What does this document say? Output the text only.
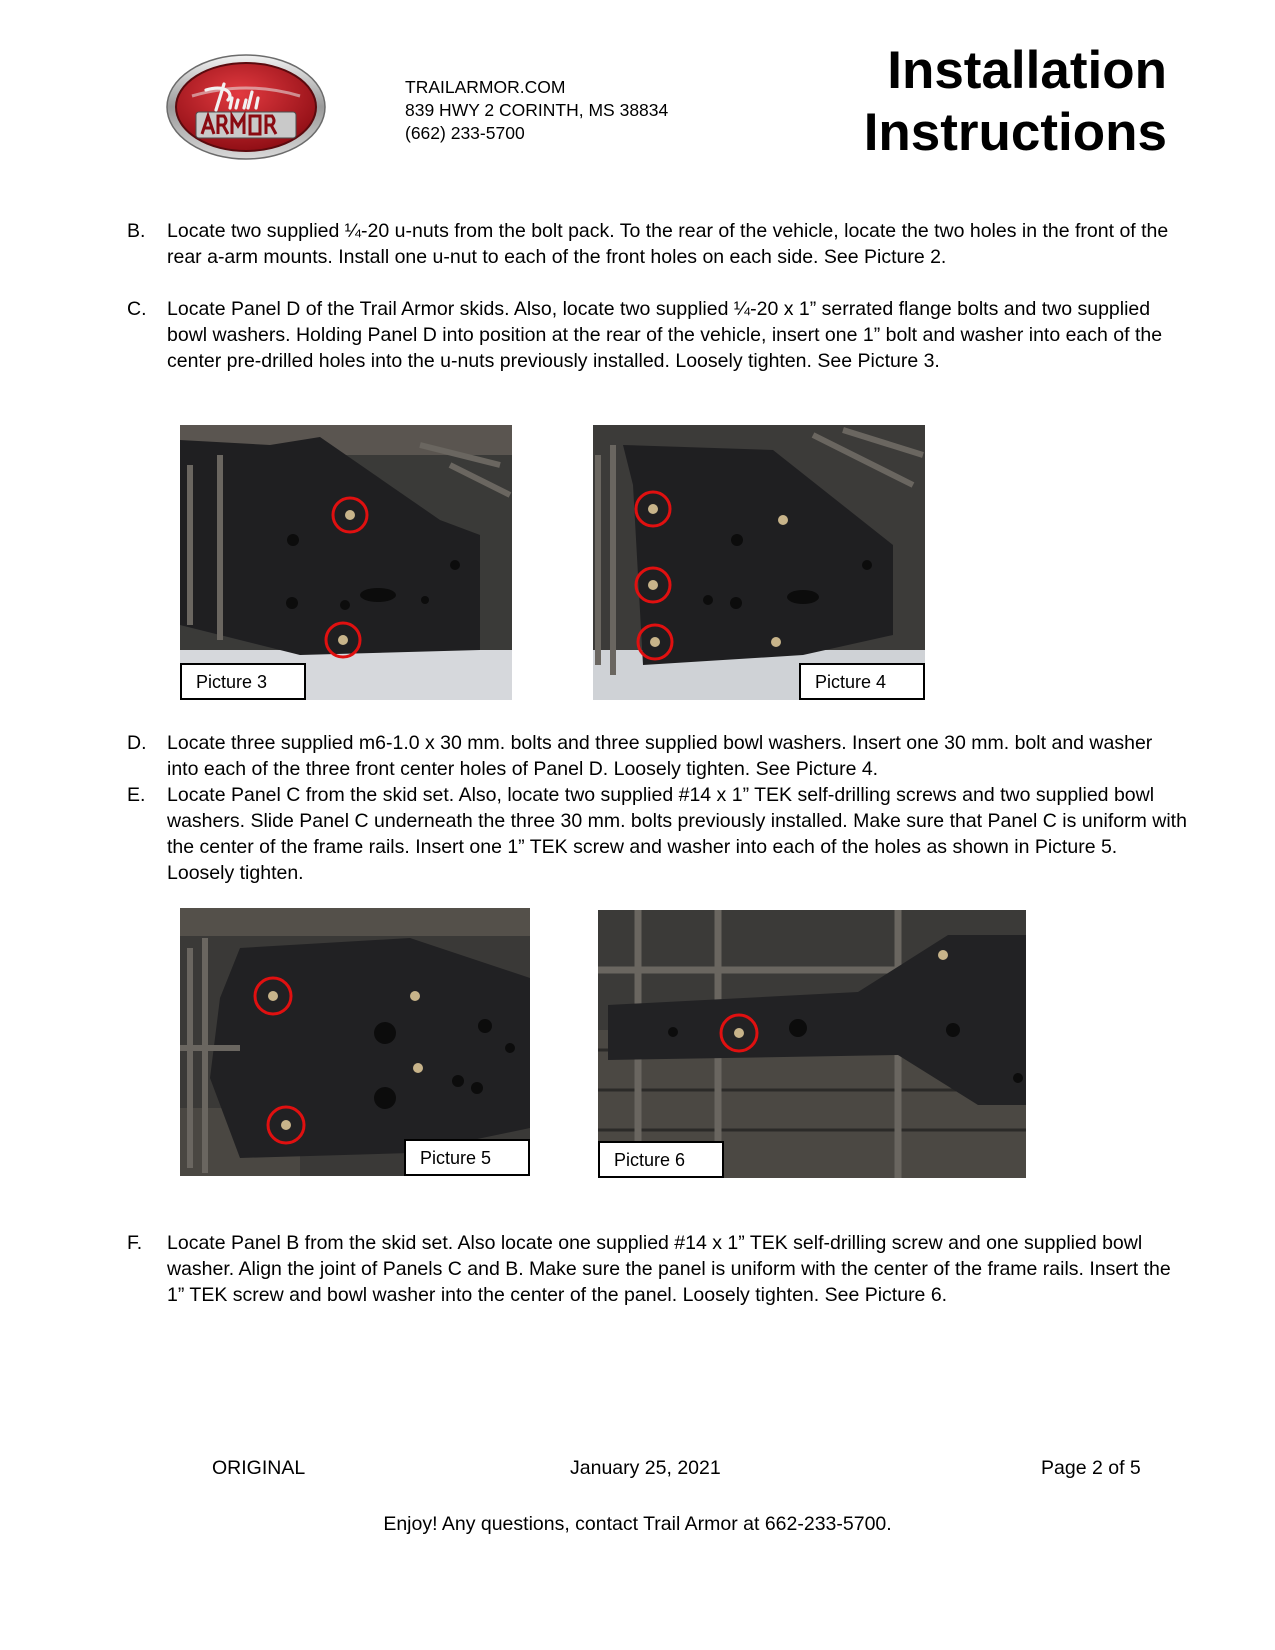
TRAILARMOR.COM
839 HWY 2 CORINTH, MS 38834
(662) 233-5700
Installation
Instructions
B. Locate two supplied ¼-20 u-nuts from the bolt pack. To the rear of the vehicle, locate the two holes in the front of the rear a-arm mounts. Install one u-nut to each of the front holes on each side. See Picture 2.
C. Locate Panel D of the Trail Armor skids. Also, locate two supplied ¼-20 x 1” serrated flange bolts and two supplied bowl washers. Holding Panel D into position at the rear of the vehicle, insert one 1” bolt and washer into each of the center pre-drilled holes into the u-nuts previously installed. Loosely tighten. See Picture 3.
Picture 3	Picture 4
D. Locate three supplied m6-1.0 x 30 mm. bolts and three supplied bowl washers. Insert one 30 mm. bolt and washer into each of the three front center holes of Panel D. Loosely tighten. See Picture 4.
E. Locate Panel C from the skid set. Also, locate two supplied #14 x 1” TEK self-drilling screws and two supplied bowl washers. Slide Panel C underneath the three 30 mm. bolts previously installed. Make sure that Panel C is uniform with the center of the frame rails. Insert one 1” TEK screw and washer into each of the holes as shown in Picture 5. Loosely tighten.
Picture 5	Picture 6
F. Locate Panel B from the skid set. Also locate one supplied #14 x 1” TEK self-drilling screw and one supplied bowl washer. Align the joint of Panels C and B. Make sure the panel is uniform with the center of the frame rails. Insert the 1” TEK screw and bowl washer into the center of the panel. Loosely tighten. See Picture 6.
ORIGINAL	January 25, 2021	Page 2 of 5
Enjoy! Any questions, contact Trail Armor at 662-233-5700.
